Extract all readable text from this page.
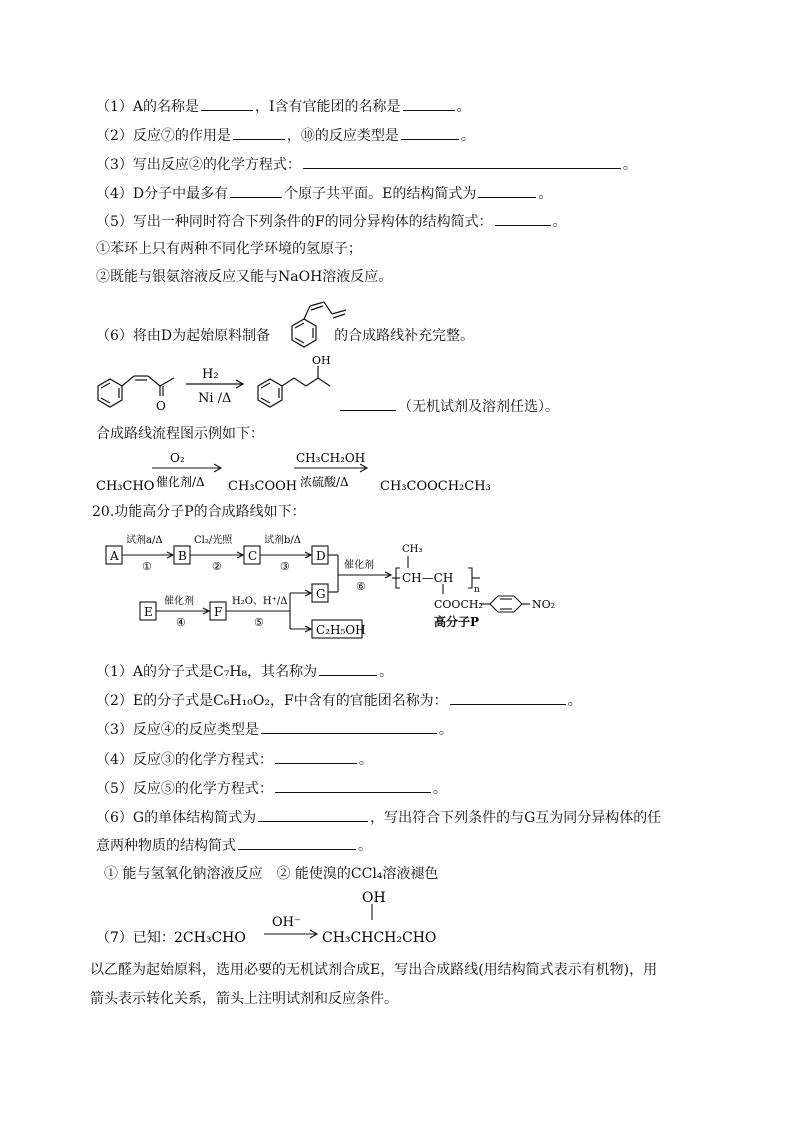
（1）A的名称是	，I含有官能团的名称是	。
（2）反应⑦的作用是	，⑩的反应类型是	。
（3）写出反应②的化学方程式：	。
（4）D分子中最多有	个原子共平面。E的结构简式为	。
（5）写出一种同时符合下列条件的F的同分异构体的结构简式：	。
①苯环上只有两种不同化学环境的氢原子；
②既能与银氨溶液反应又能与NaOH溶液反应。
（6）将由D为起始原料制备	的合成路线补充完整。
O
H₂
Ni /Δ
OH
（无机试剂及溶剂任选）。
合成路线流程图示例如下：
CH₃CHO
O₂
催化剂/Δ CH₃COOH
CH₃CH₂OH
浓硫酸/Δ CH₃COOCH₂CH₃
20.功能高分子P的合成路线如下：
A	B	C	D
E	F
G
C₂H₅OH
试剂a/Δ
①
Cl₂/光照
②
试剂b/Δ
③
催化剂
④
H₂O、H⁺/Δ
⑤
催化剂
⑥
CH₃
CH—CH
n
COOCH₂	NO₂
高分子P
（1）A的分子式是C₇H₈，其名称为	。
（2）E的分子式是C₆H₁₀O₂，F中含有的官能团名称为：	。
（3）反应④的反应类型是	。
（4）反应③的化学方程式：	。
（5）反应⑤的化学方程式：	。
（6）G的单体结构简式为	，写出符合下列条件的与G互为同分异构体的任
意两种物质的结构简式	。
① 能与氢氧化钠溶液反应　② 能使溴的CCl₄溶液褪色
（7）已知： 2CH₃CHO
OH⁻
OH
CH₃CHCH₂CHO
以乙醛为起始原料，选用必要的无机试剂合成E，写出合成路线(用结构简式表示有机物)，用
箭头表示转化关系，箭头上注明试剂和反应条件。
